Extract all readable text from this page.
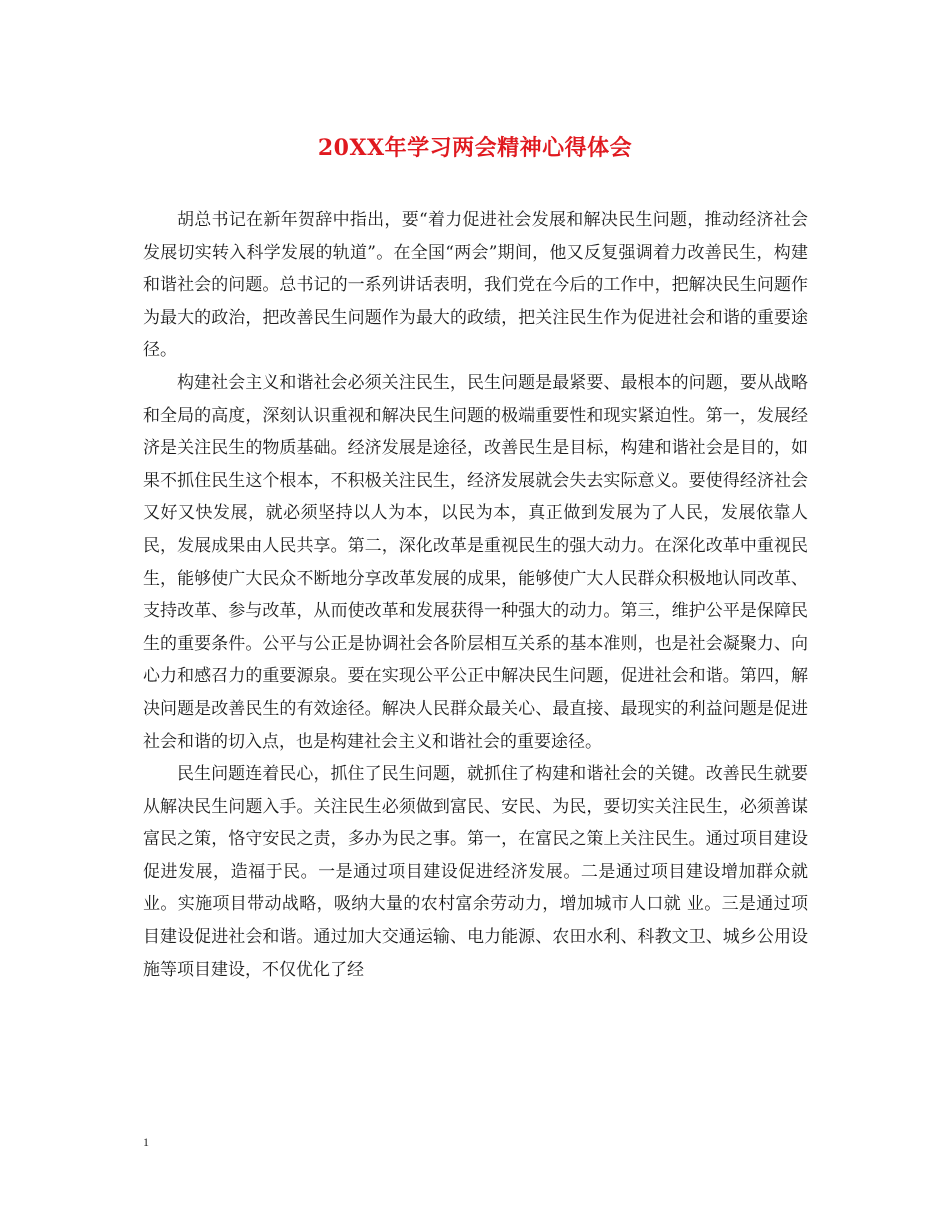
20XX年学习两会精神心得体会

胡总书记在新年贺辞中指出，要“着力促进社会发展和解决民生问题，推动经济社会发展切实转入科学发展的轨道”。在全国“两会”期间，他又反复强调着力改善民生，构建和谐社会的问题。总书记的一系列讲话表明，我们党在今后的工作中，把解决民生问题作为最大的政治，把改善民生问题作为最大的政绩，把关注民生作为促进社会和谐的重要途径。

构建社会主义和谐社会必须关注民生，民生问题是最紧要、最根本的问题，要从战略和全局的高度，深刻认识重视和解决民生问题的极端重要性和现实紧迫性。第一，发展经济是关注民生的物质基础。经济发展是途径，改善民生是目标，构建和谐社会是目的，如果不抓住民生这个根本，不积极关注民生，经济发展就会失去实际意义。要使得经济社会又好又快发展，就必须坚持以人为本，以民为本，真正做到发展为了人民，发展依靠人民，发展成果由人民共享。第二，深化改革是重视民生的强大动力。在深化改革中重视民生，能够使广大民众不断地分享改革发展的成果，能够使广大人民群众积极地认同改革、支持改革、参与改革，从而使改革和发展获得一种强大的动力。第三，维护公平是保障民生的重要条件。公平与公正是协调社会各阶层相互关系的基本准则，也是社会凝聚力、向心力和感召力的重要源泉。要在实现公平公正中解决民生问题，促进社会和谐。第四，解决问题是改善民生的有效途径。解决人民群众最关心、最直接、最现实的利益问题是促进社会和谐的切入点，也是构建社会主义和谐社会的重要途径。

民生问题连着民心，抓住了民生问题，就抓住了构建和谐社会的关键。改善民生就要从解决民生问题入手。关注民生必须做到富民、安民、为民，要切实关注民生，必须善谋富民之策，恪守安民之责，多办为民之事。第一，在富民之策上关注民生。通过项目建设促进发展，造福于民。一是通过项目建设促进经济发展。二是通过项目建设增加群众就业。实施项目带动战略，吸纳大量的农村富余劳动力，增加城市人口就 业。三是通过项目建设促进社会和谐。通过加大交通运输、电力能源、农田水利、科教文卫、城乡公用设施等项目建设，不仅优化了经

1
